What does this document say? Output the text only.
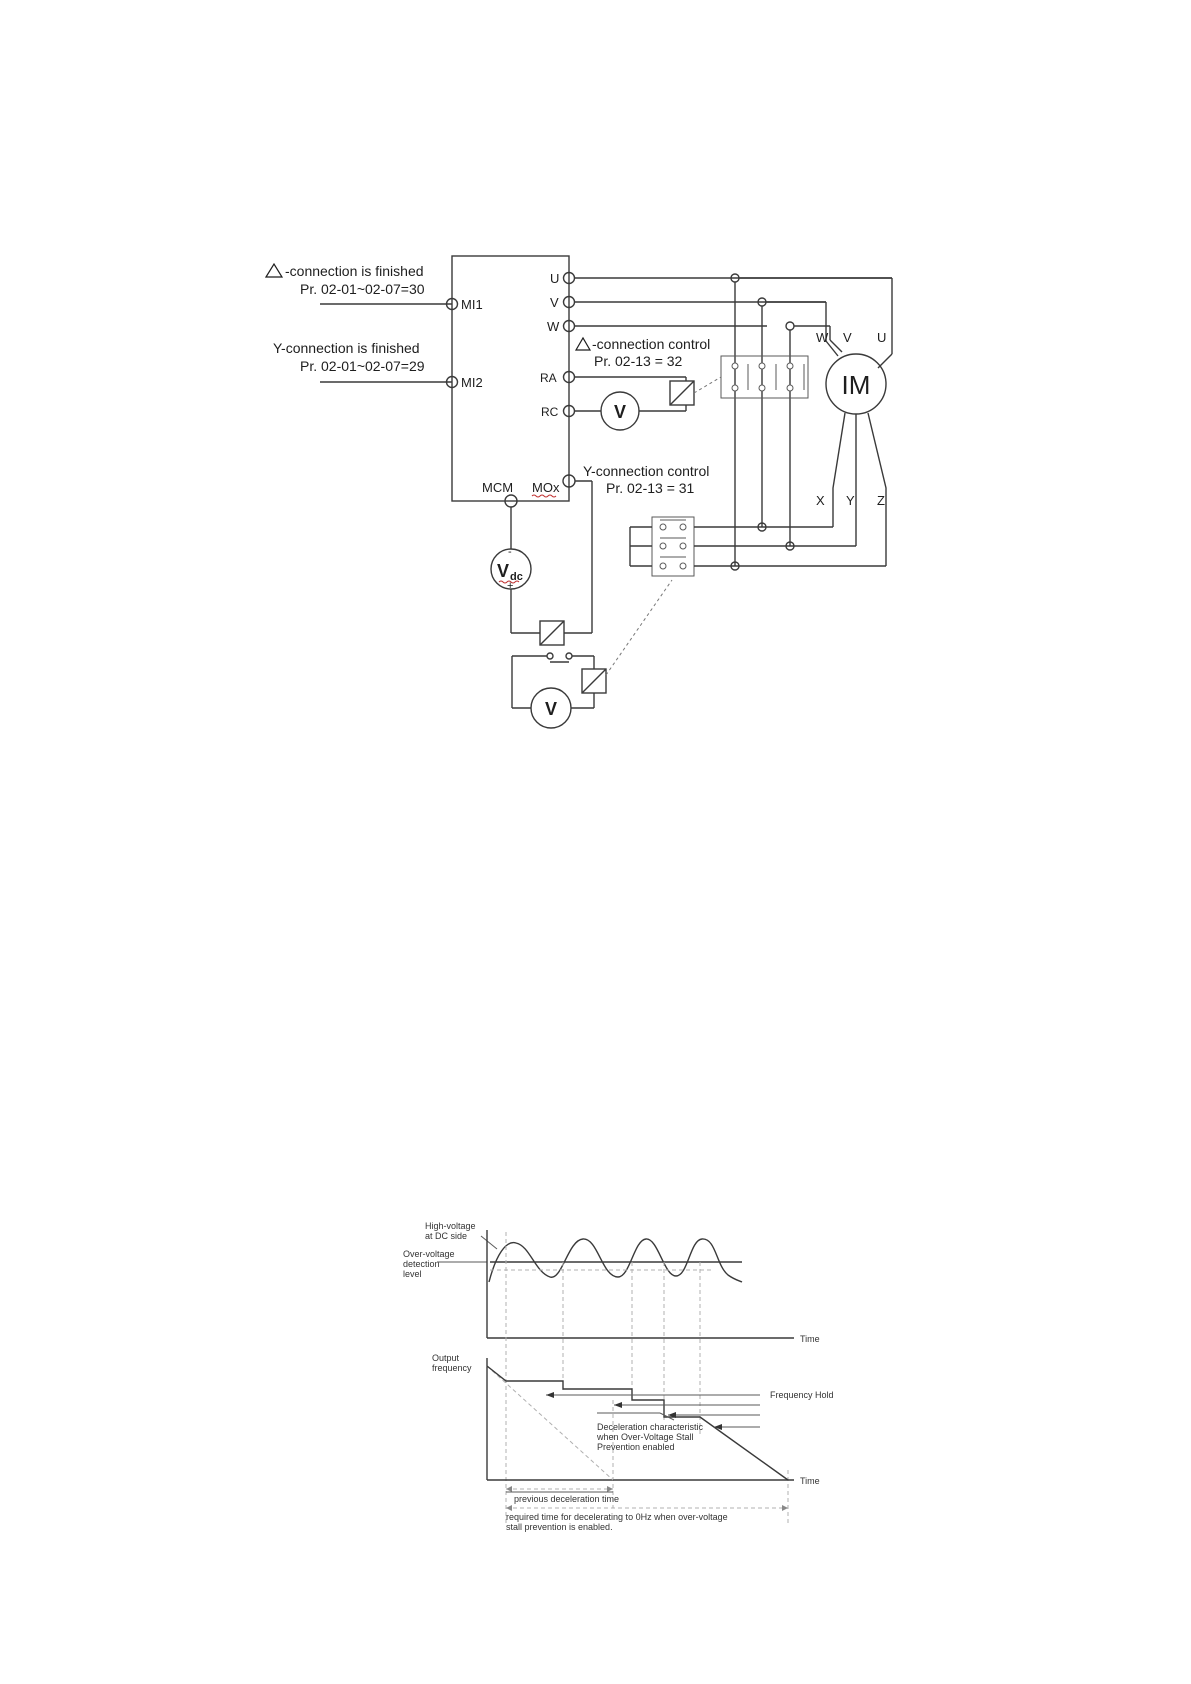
-connection is finished
Pr. 02-01~02-07=30
Y-connection is finished
Pr. 02-01~02-07=29
MI1
MI2
U
V
W
-connection control
Pr. 02-13 = 32
RA
RC	V
Y-connection control
Pr. 02-13 = 31
MCM MOx
-
V dc
+
V
IM
W V U
X Y Z
High-voltage
at DC side
Over-voltage
detection
level
Time
Output
frequency
Time
Frequency Hold
Deceleration characteristic
when Over-Voltage Stall
Prevention enabled
previous deceleration time
required time for decelerating to 0Hz when over-voltage
stall prevention is enabled.
